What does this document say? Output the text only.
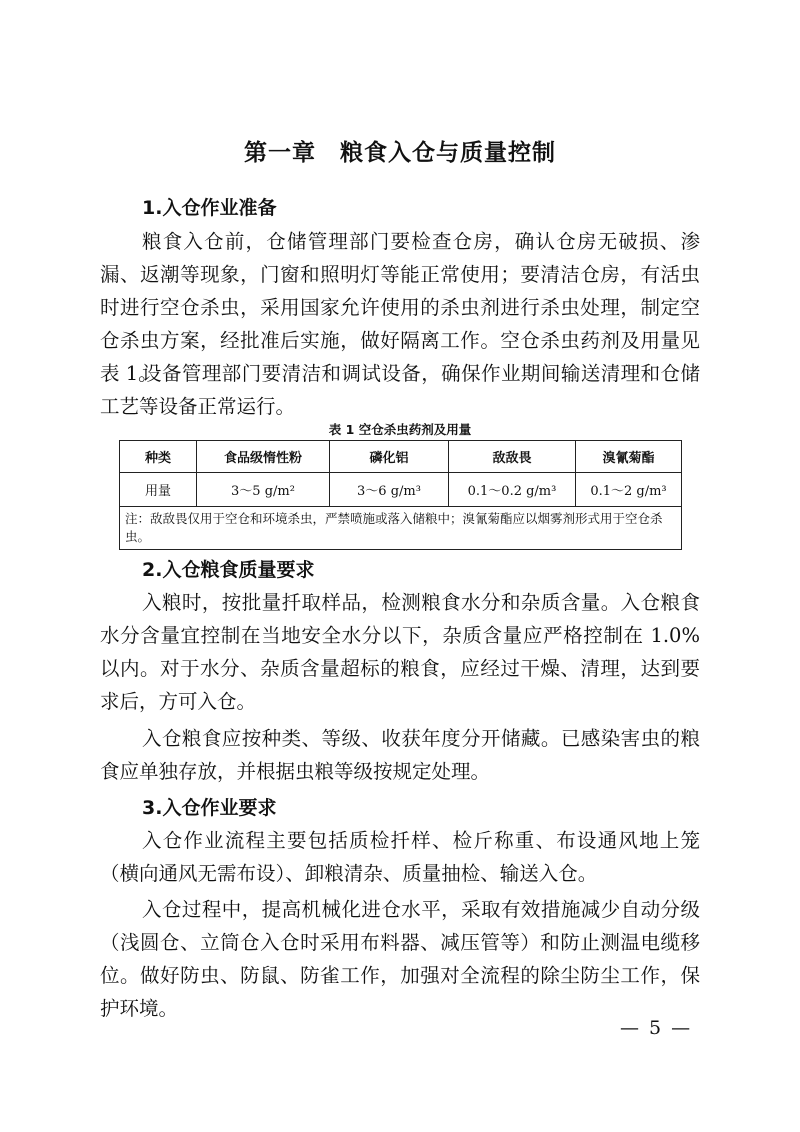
第一章　粮食入仓与质量控制
1.入仓作业准备

粮食入仓前，仓储管理部门要检查仓房，确认仓房无破损、渗漏、返潮等现象，门窗和照明灯等能正常使用；要清洁仓房，有活虫时进行空仓杀虫，采用国家允许使用的杀虫剂进行杀虫处理，制定空仓杀虫方案，经批准后实施，做好隔离工作。空仓杀虫药剂及用量见表 1。

设备管理部门要清洁和调试设备，确保作业期间输送清理和仓储工艺等设备正常运行。

表 1 空仓杀虫药剂及用量
种类	食品级惰性粉	磷化铝	敌敌畏	溴氰菊酯
用量	3～5 g/m²	3～6 g/m³	0.1～0.2 g/m³	0.1～2 g/m³
注：敌敌畏仅用于空仓和环境杀虫，严禁喷施或落入储粮中；溴氰菊酯应以烟雾剂形式用于空仓杀虫。				
2.入仓粮食质量要求

入粮时，按批量扦取样品，检测粮食水分和杂质含量。入仓粮食水分含量宜控制在当地安全水分以下，杂质含量应严格控制在 1.0%以内。对于水分、杂质含量超标的粮食，应经过干燥、清理，达到要求后，方可入仓。

入仓粮食应按种类、等级、收获年度分开储藏。已感染害虫的粮食应单独存放，并根据虫粮等级按规定处理。

3.入仓作业要求

入仓作业流程主要包括质检扦样、检斤称重、布设通风地上笼（横向通风无需布设）、卸粮清杂、质量抽检、输送入仓。

入仓过程中，提高机械化进仓水平，采取有效措施减少自动分级（浅圆仓、立筒仓入仓时采用布料器、减压管等）和防止测温电缆移位。做好防虫、防鼠、防雀工作，加强对全流程的除尘防尘工作，保护环境。

— 5 —
